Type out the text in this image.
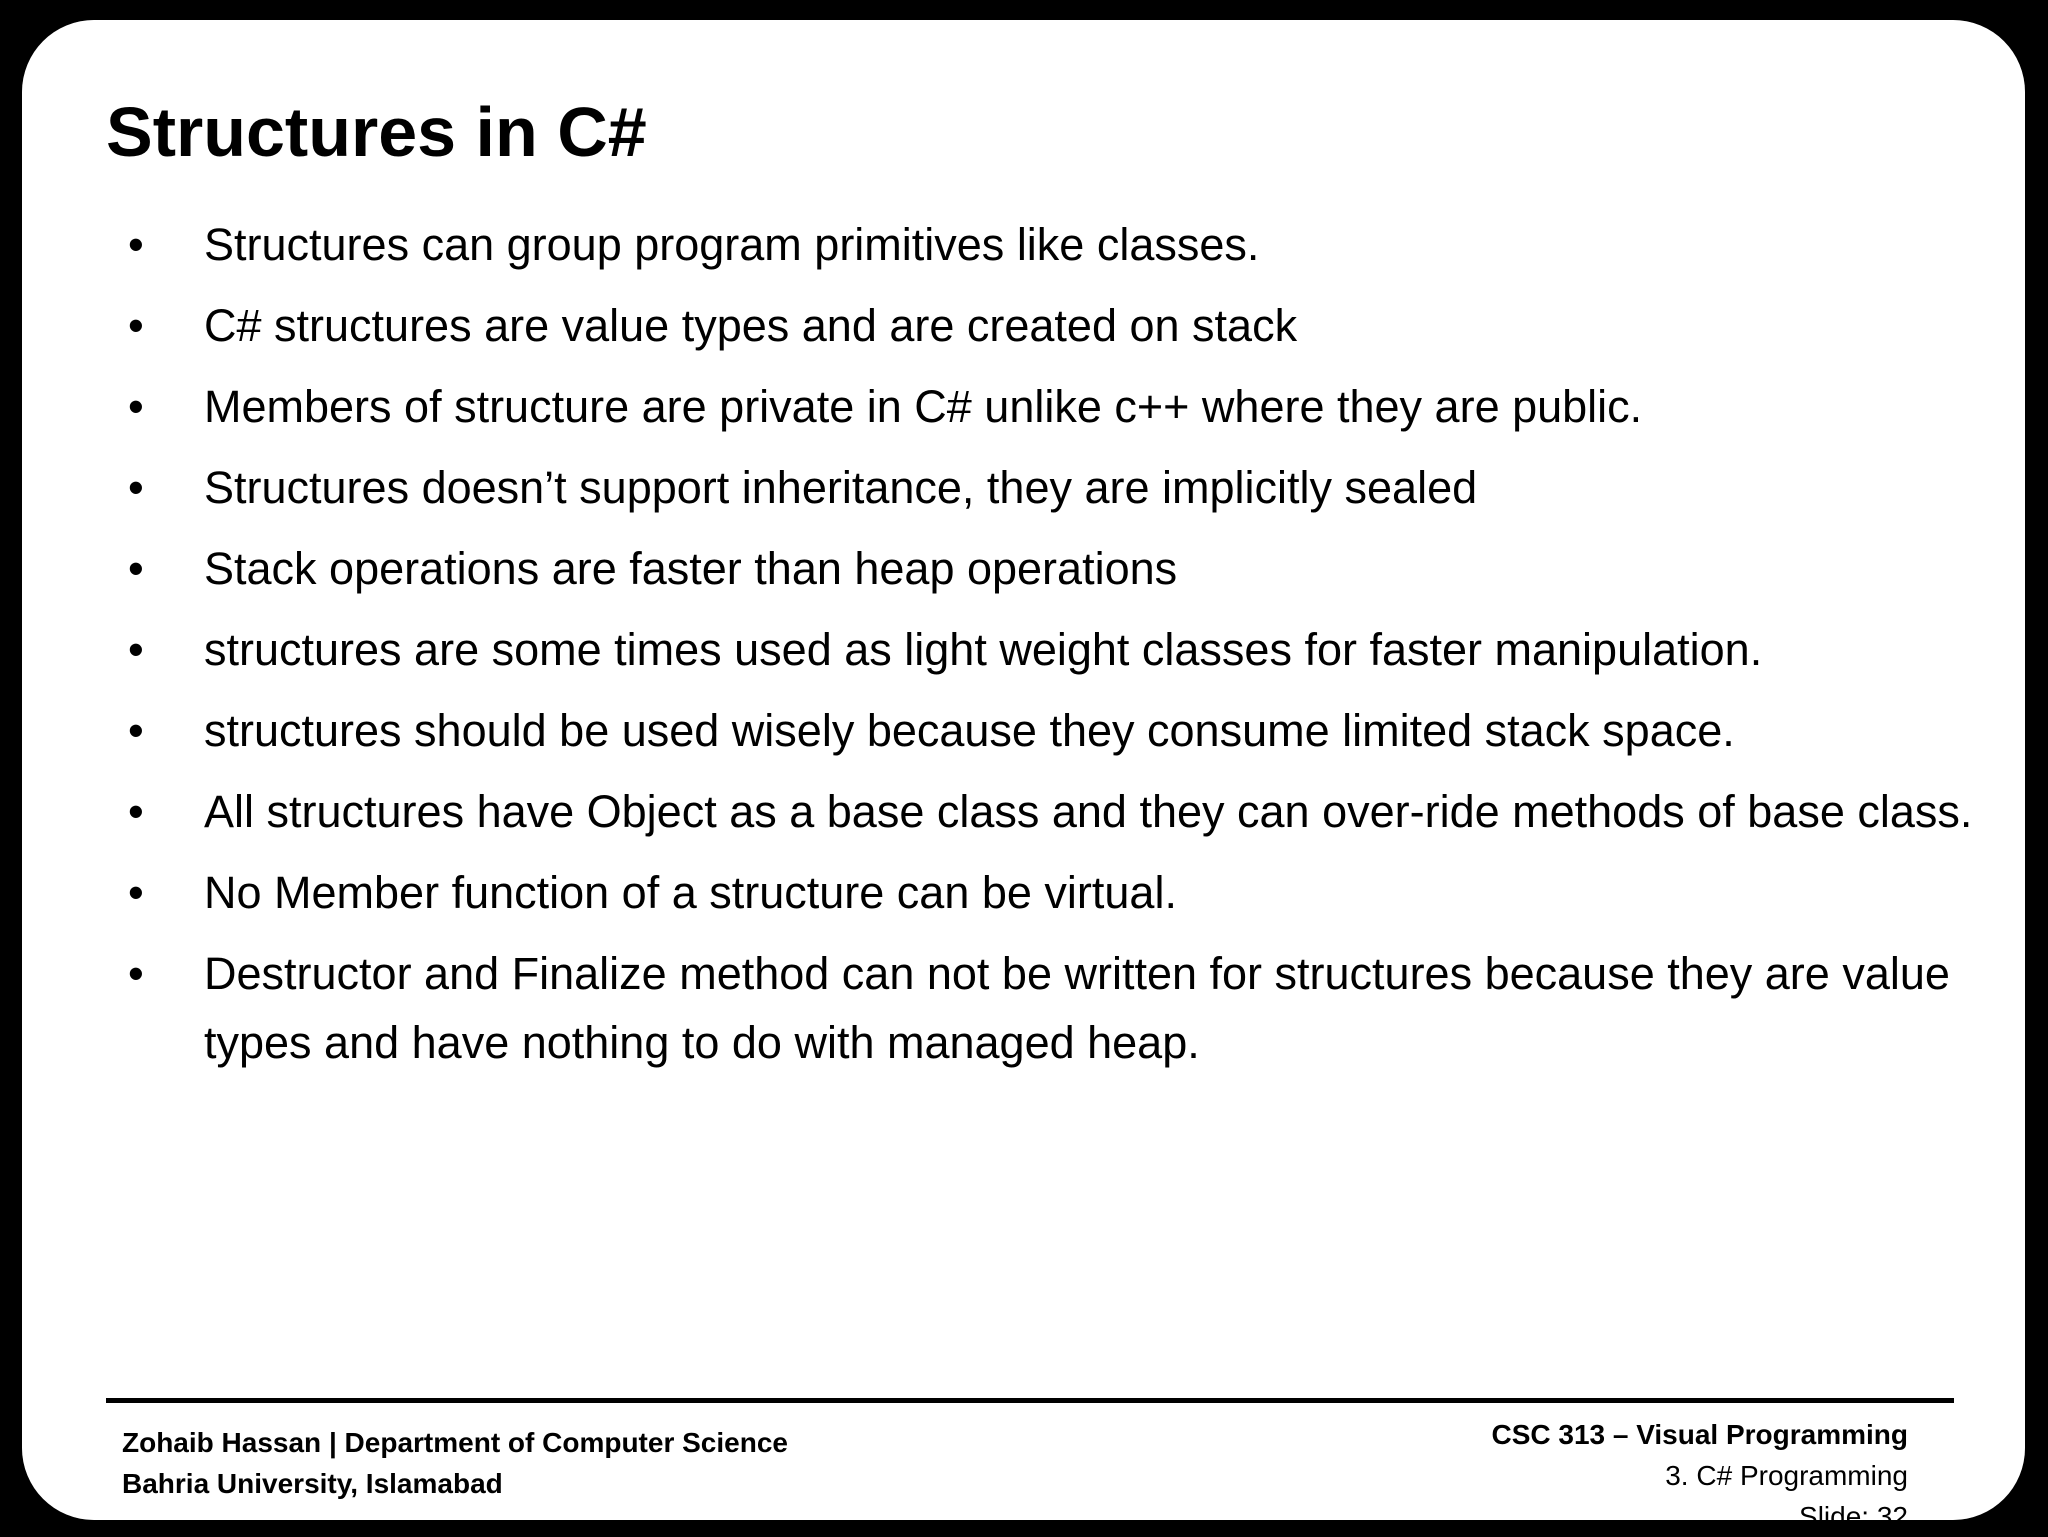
Structures in C#
• Structures can group program primitives like classes.
• C# structures are value types and are created on stack
• Members of structure are private in C# unlike c++ where they are public.
• Structures doesn’t support inheritance, they are implicitly sealed
• Stack operations are faster than heap operations
• structures are some times used as light weight classes for faster manipulation.
• structures should be used wisely because they consume limited stack space.
• All structures have Object as a base class and they can over-ride methods of base class.
• No Member function of a structure can be virtual.
• Destructor and Finalize method can not be written for structures because they are value types and have nothing to do with managed heap.
Zohaib Hassan | Department of Computer Science
Bahria University, Islamabad
CSC 313 – Visual Programming
3. C# Programming
Slide: 32
